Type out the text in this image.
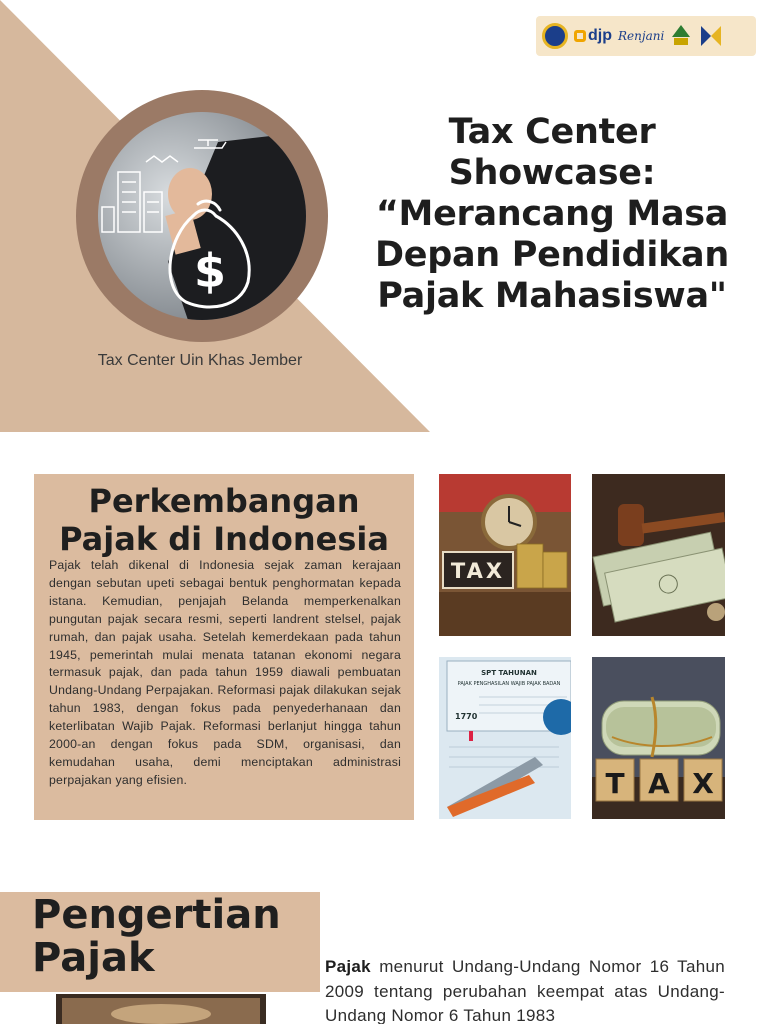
djp Renjani
$
Tax Center Uin Khas Jember
Tax Center
Showcase:
“Merancang Masa
Depan Pendidikan
Pajak Mahasiswa"
Perkembangan Pajak di Indonesia

Pajak telah dikenal di Indonesia sejak zaman kerajaan dengan sebutan upeti sebagai bentuk penghormatan kepada istana. Kemudian, penjajah Belanda memperkenalkan pungutan pajak secara resmi, seperti landrent stelsel, pajak rumah, dan pajak usaha. Setelah kemerdekaan pada tahun 1945, pemerintah mulai menata tatanan ekonomi negara termasuk pajak, dan pada tahun 1959 diawali pembuatan Undang-Undang Perpajakan. Reformasi pajak dilakukan sejak tahun 1983, dengan fokus pada penyederhanaan dan keterlibatan Wajib Pajak. Reformasi berlanjut hingga tahun 2000-an dengan fokus pada SDM, organisasi, dan kemudahan usaha, demi menciptakan administrasi perpajakan yang efisien.

TAX
SPT TAHUNAN
PAJAK PENGHASILAN WAJIB PAJAK BADAN
1770
T A X
Pengertian Pajak	Pajak menurut Undang-Undang Nomor 16 Tahun 2009 tentang perubahan keempat atas Undang-Undang Nomor 6 Tahun 1983
